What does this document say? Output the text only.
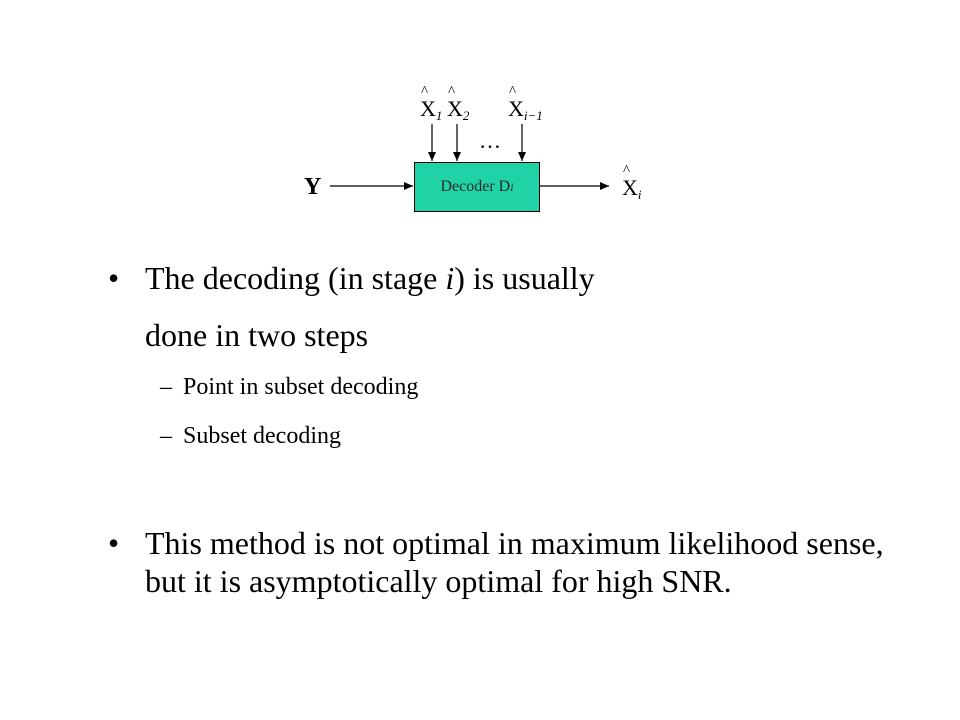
^ $X_1$ ^ $X_2$ ^ $X_{i-1}$
…
Y	Decoder D i	^ $X_i$
• The decoding (in stage i) is usually
done in two steps
– Point in subset decoding
– Subset decoding
• This method is not optimal in maximum likelihood sense, but it is asymptotically optimal for high SNR.
